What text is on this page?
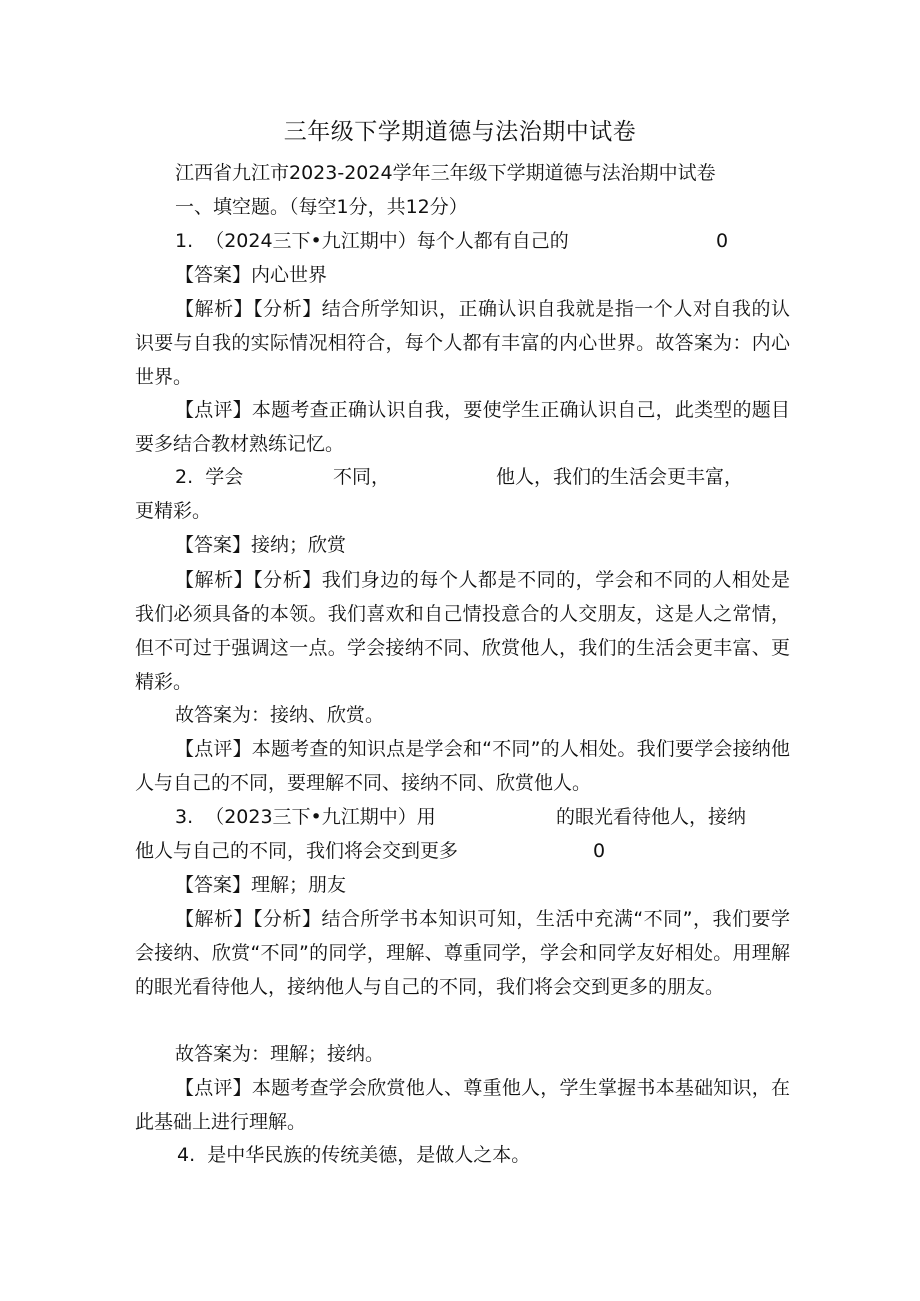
三年级下学期道德与法治期中试卷
江西省九江市2023-2024学年三年级下学期道德与法治期中试卷
一、填空题。（每空1分，共12分）
1.  （2024三下•九江期中）每个人都有自己的	0
【答案】内心世界
【解析】【分析】结合所学知识，正确认识自我就是指一个人对自我的认识要与自我的实际情况相符合，每个人都有丰富的内心世界。故答案为：内心世界。
【点评】本题考查正确认识自我，要使学生正确认识自己，此类型的题目要多结合教材熟练记忆。
2.  学会	不同，	他人，我们的生活会更丰富，
更精彩。
【答案】接纳；欣赏
【解析】【分析】我们身边的每个人都是不同的，学会和不同的人相处是我们必须具备的本领。我们喜欢和自己情投意合的人交朋友，这是人之常情，但不可过于强调这一点。学会接纳不同、欣赏他人，我们的生活会更丰富、更精彩。
故答案为：接纳、欣赏。
【点评】本题考查的知识点是学会和“不同”的人相处。我们要学会接纳他人与自己的不同，要理解不同、接纳不同、欣赏他人。
3.  （2023三下•九江期中）用	的眼光看待他人，接纳
他人与自己的不同，我们将会交到更多	0
【答案】理解；朋友
【解析】【分析】结合所学书本知识可知，生活中充满“不同”，我们要学会接纳、欣赏“不同”的同学，理解、尊重同学，学会和同学友好相处。用理解的眼光看待他人，接纳他人与自己的不同，我们将会交到更多的朋友。
故答案为：理解；接纳。
【点评】本题考查学会欣赏他人、尊重他人，学生掌握书本基础知识，在此基础上进行理解。
4.  是中华民族的传统美德，是做人之本。
